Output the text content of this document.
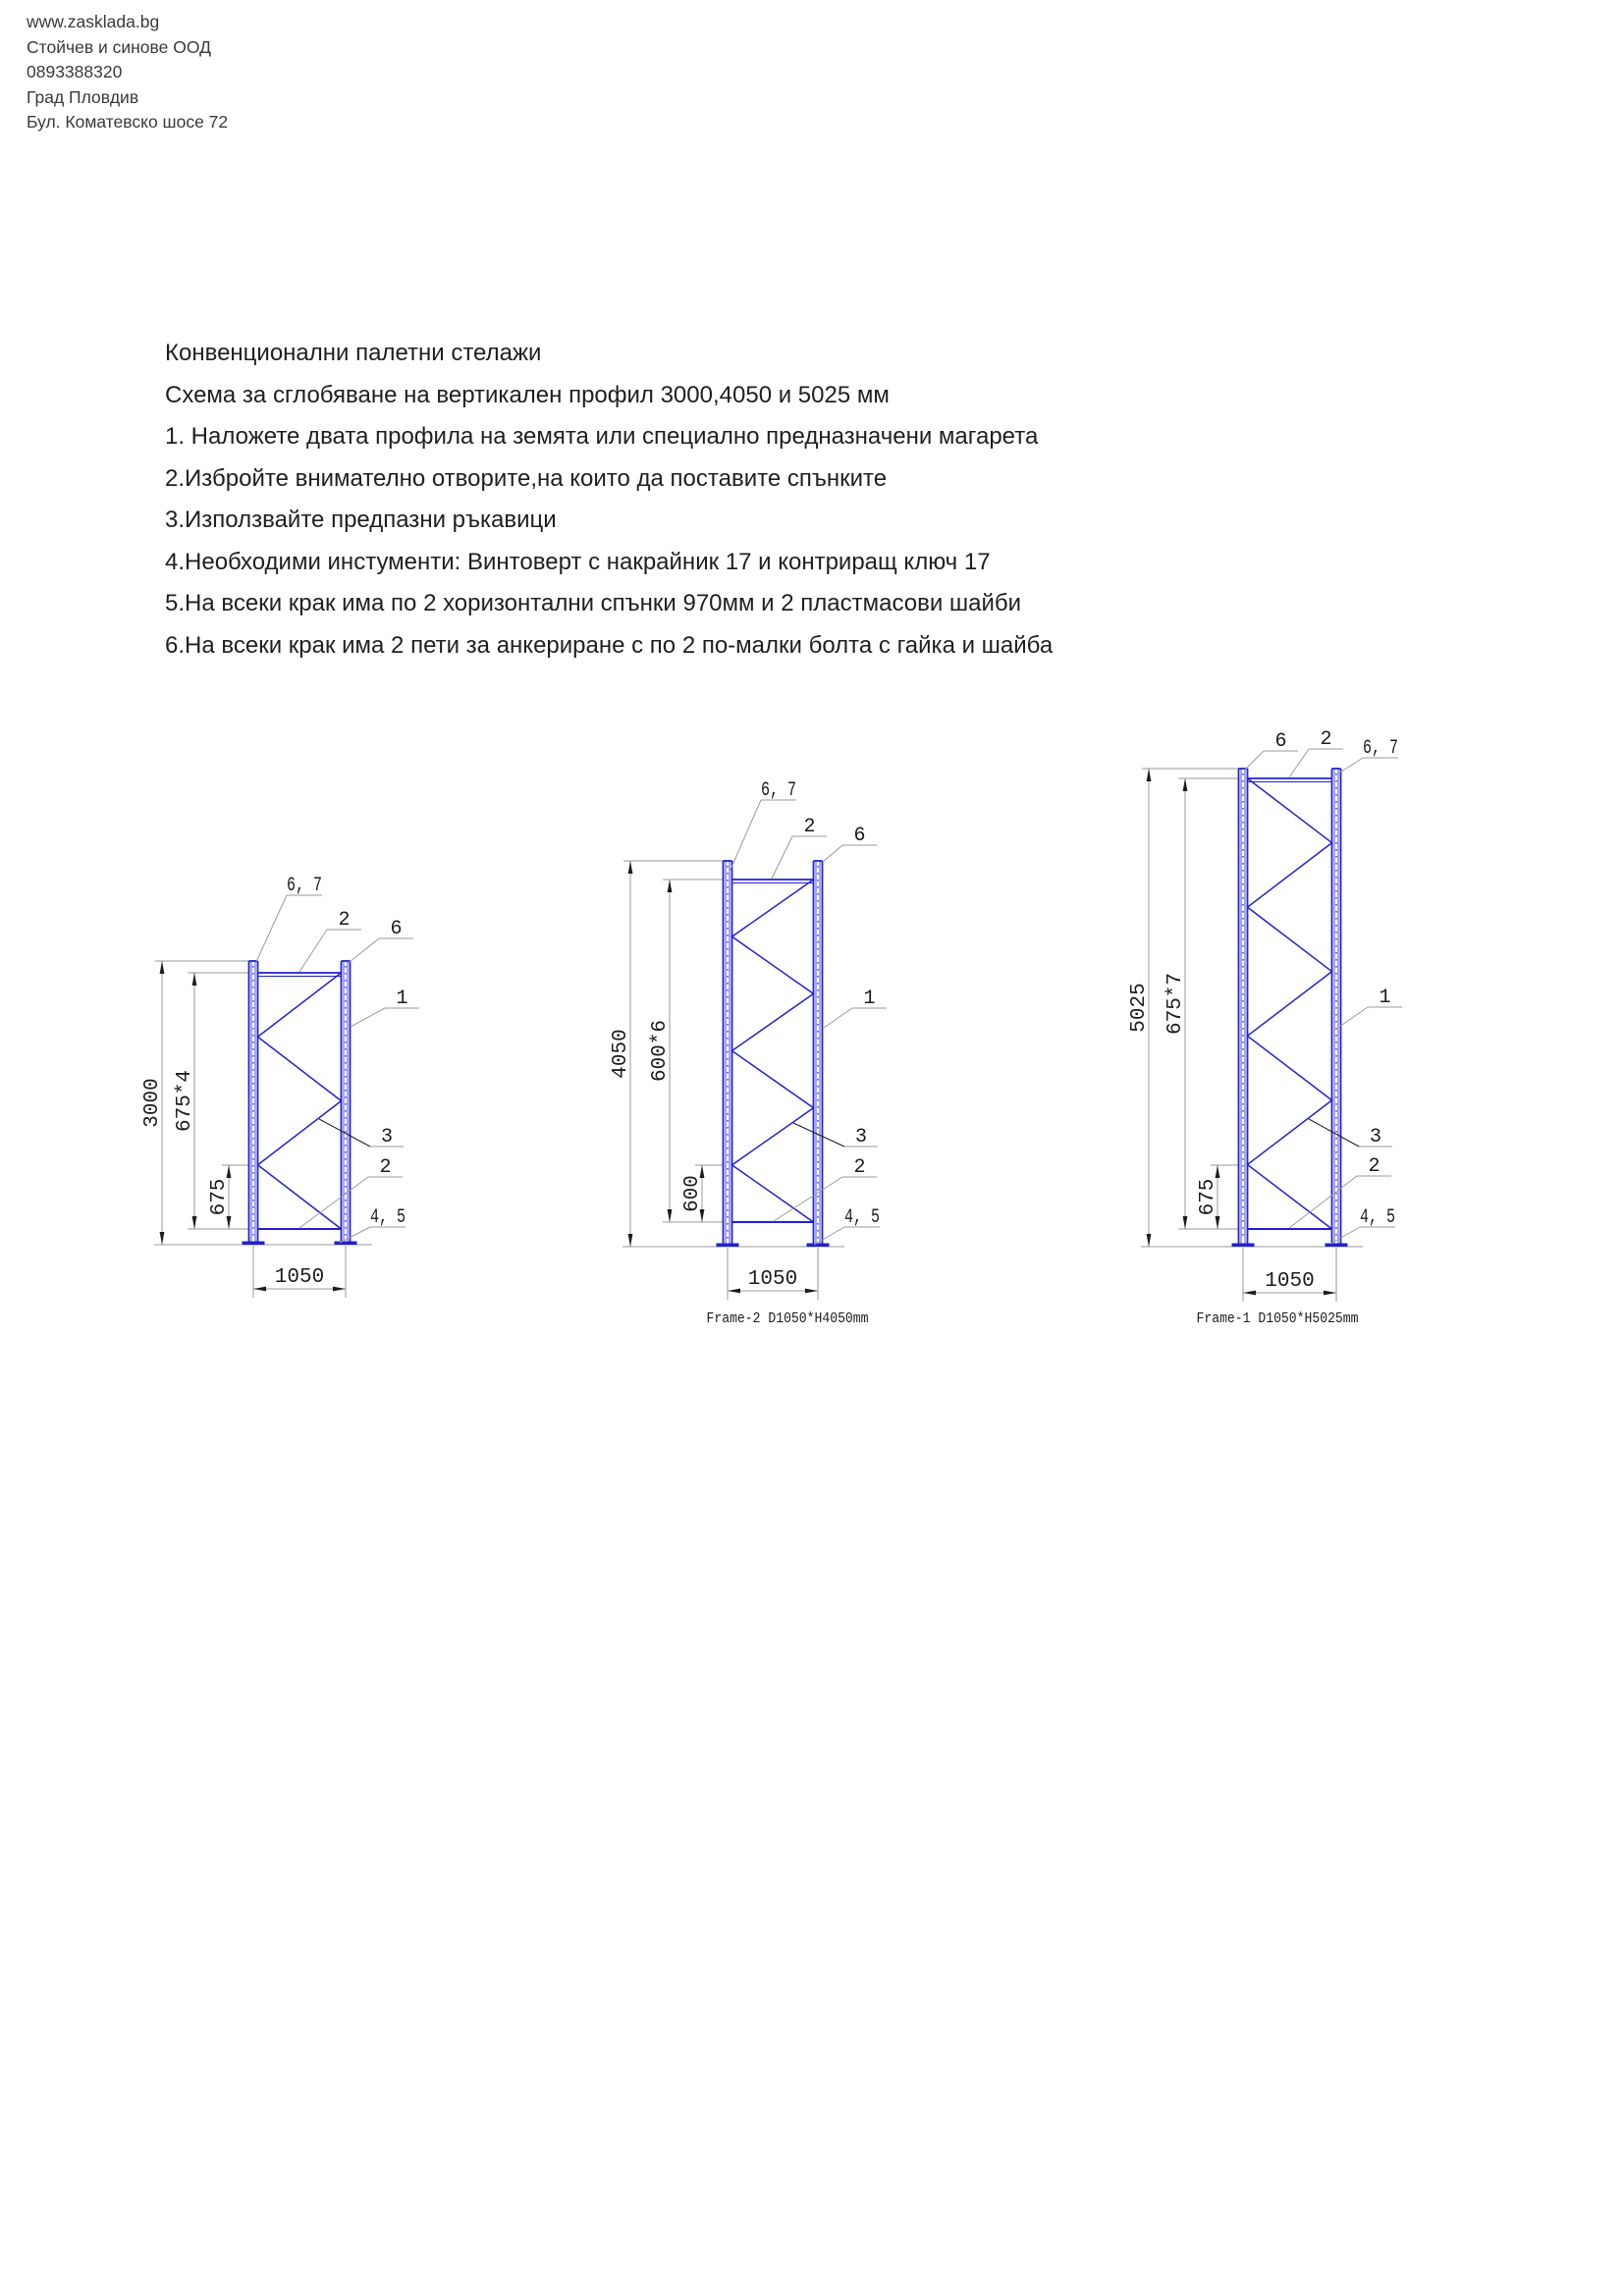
www.zasklada.bg
Стойчев и синове ООД
0893388320
Град Пловдив
Бул. Коматевско шосе 72
Конвенционални палетни стелажи
Схема за сглобяване на вертикален профил 3000,4050 и 5025 мм
1. Наложете двата профила на земята или специално предназначени магарета
2.Избройте внимателно отворите,на които да поставите спънките
3.Използвайте предпазни ръкавици
4.Необходими инстументи: Винтоверт с накрайник 17 и контриращ ключ 17
5.На всеки крак има по 2 хоризонтални спънки 970мм и 2 пластмасови шайби
6.На всеки крак има 2 пети за анкериране с по 2 по-малки болта с гайка и шайба
3000 675*4
675
1050
6, 7
2 6
1
3
2
4, 5
4050 600*6
600
1050
6, 7
2 6
1
3
2
4, 5
Frame-2 D1050*H4050mm
5025 675*7
675
1050
6 2 6, 7
1
3
2
4, 5
Frame-1 D1050*H5025mm
